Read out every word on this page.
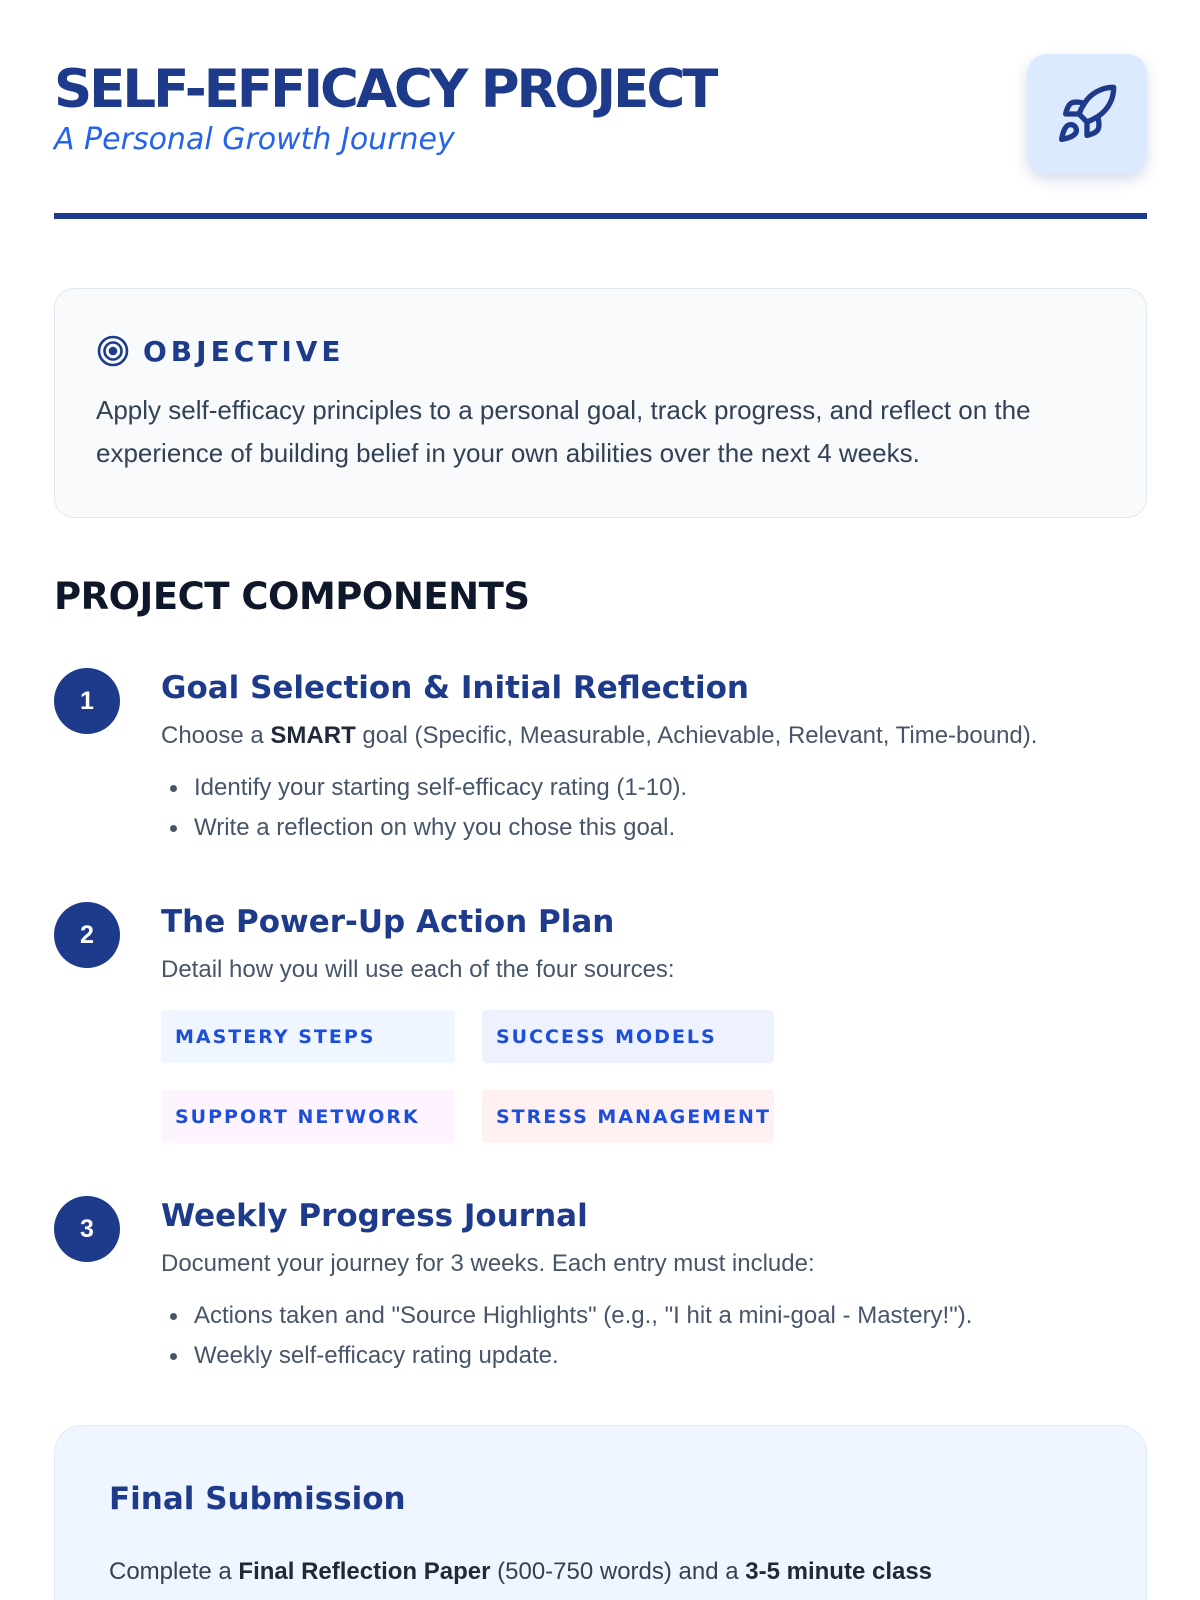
SELF-EFFICACY PROJECT
A Personal Growth Journey
OBJECTIVE

Apply self-efficacy principles to a personal goal, track progress, and reflect on the experience of building belief in your own abilities over the next 4 weeks.

PROJECT COMPONENTS
1	Goal Selection & Initial Reflection

Choose a SMART goal (Specific, Measurable, Achievable, Relevant, Time-bound).

Identify your starting self-efficacy rating (1-10).
Write a reflection on why you chose this goal.
2	The Power-Up Action Plan

Detail how you will use each of the four sources:

MASTERY STEPS	SUCCESS MODELS
SUPPORT NETWORK	STRESS MANAGEMENT
3	Weekly Progress Journal

Document your journey for 3 weeks. Each entry must include:

Actions taken and "Source Highlights" (e.g., "I hit a mini-goal - Mastery!").
Weekly self-efficacy rating update.
Final Submission

Complete a Final Reflection Paper (500-750 words) and a 3-5 minute class
